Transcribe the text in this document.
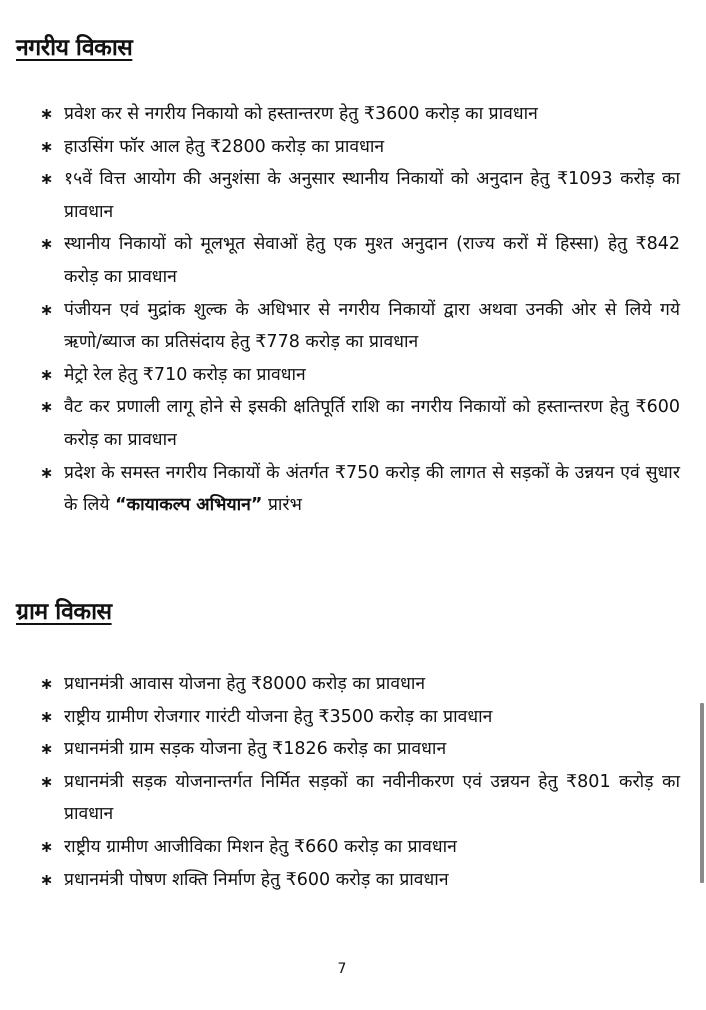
नगरीय विकास
∗ प्रवेश कर से नगरीय निकायो को हस्तान्तरण हेतु ₹3600 करोड़ का प्रावधान
∗ हाउसिंग फॉर आल हेतु ₹2800 करोड़ का प्रावधान
∗ १५वें वित्त आयोग की अनुशंसा के अनुसार स्थानीय निकायों को अनुदान हेतु ₹1093 करोड़ का प्रावधान
∗ स्थानीय निकायों को मूलभूत सेवाओं हेतु एक मुश्त अनुदान (राज्य करों में हिस्सा) हेतु ₹842 करोड़ का प्रावधान
∗ पंजीयन एवं मुद्रांक शुल्क के अधिभार से नगरीय निकायों द्वारा अथवा उनकी ओर से लिये गये ऋणो/ब्याज का प्रतिसंदाय हेतु ₹778 करोड़ का प्रावधान
∗ मेट्रो रेल हेतु ₹710 करोड़ का प्रावधान
∗ वैट कर प्रणाली लागू होने से इसकी क्षतिपूर्ति राशि का नगरीय निकायों को हस्तान्तरण हेतु ₹600 करोड़ का प्रावधान
∗ प्रदेश के समस्त नगरीय निकायों के अंतर्गत ₹750 करोड़ की लागत से सड़कों के उन्नयन एवं सुधार के लिये “कायाकल्प अभियान” प्रारंभ
ग्राम विकास
∗ प्रधानमंत्री आवास योजना हेतु ₹8000 करोड़ का प्रावधान
∗ राष्ट्रीय ग्रामीण रोजगार गारंटी योजना हेतु ₹3500 करोड़ का प्रावधान
∗ प्रधानमंत्री ग्राम सड़क योजना हेतु ₹1826 करोड़ का प्रावधान
∗ प्रधानमंत्री सड़क योजनान्तर्गत निर्मित सड़कों का नवीनीकरण एवं उन्नयन हेतु ₹801 करोड़ का प्रावधान
∗ राष्ट्रीय ग्रामीण आजीविका मिशन हेतु ₹660 करोड़ का प्रावधान
∗ प्रधानमंत्री पोषण शक्ति निर्माण हेतु ₹600 करोड़ का प्रावधान
7
